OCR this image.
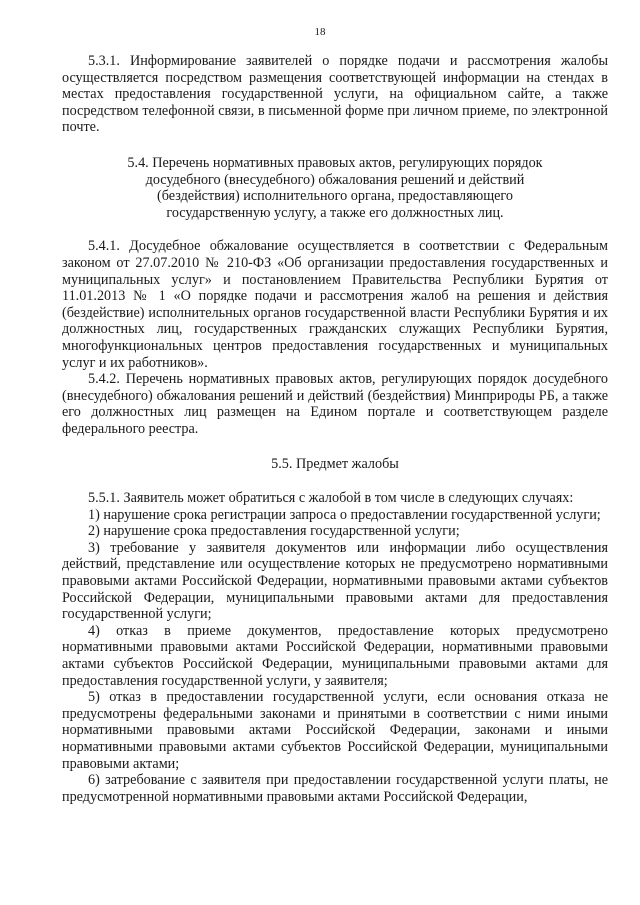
18

5.3.1. Информирование заявителей о порядке подачи и рассмотрения жалобы осуществляется посредством размещения соответствующей информации на стендах в местах предоставления государственной услуги, на официальном сайте, а также посредством телефонной связи, в письменной форме при личном приеме, по электронной почте.

5.4. Перечень нормативных правовых актов, регулирующих порядок досудебного (внесудебного) обжалования решений и действий (бездействия) исполнительного органа, предоставляющего государственную услугу, а также его должностных лиц.

5.4.1. Досудебное обжалование осуществляется в соответствии с Федеральным законом от 27.07.2010 № 210-ФЗ «Об организации предоставления государственных и муниципальных услуг» и постановлением Правительства Республики Бурятия от 11.01.2013 № 1 «О порядке подачи и рассмотрения жалоб на решения и действия (бездействие) исполнительных органов государственной власти Республики Бурятия и их должностных лиц, государственных гражданских служащих Республики Бурятия, многофункциональных центров предоставления государственных и муниципальных услуг и их работников».

5.4.2. Перечень нормативных правовых актов, регулирующих порядок досудебного (внесудебного) обжалования решений и действий (бездействия) Минприроды РБ, а также его должностных лиц размещен на Едином портале и соответствующем разделе федерального реестра.

5.5. Предмет жалобы

5.5.1. Заявитель может обратиться с жалобой в том числе в следующих случаях:

1) нарушение срока регистрации запроса о предоставлении государственной услуги;

2) нарушение срока предоставления государственной услуги;

3) требование у заявителя документов или информации либо осуществления действий, представление или осуществление которых не предусмотрено нормативными правовыми актами Российской Федерации, нормативными правовыми актами субъектов Российской Федерации, муниципальными правовыми актами для предоставления государственной услуги;

4) отказ в приеме документов, предоставление которых предусмотрено нормативными правовыми актами Российской Федерации, нормативными правовыми актами субъектов Российской Федерации, муниципальными правовыми актами для предоставления государственной услуги, у заявителя;

5) отказ в предоставлении государственной услуги, если основания отказа не предусмотрены федеральными законами и принятыми в соответствии с ними иными нормативными правовыми актами Российской Федерации, законами и иными нормативными правовыми актами субъектов Российской Федерации, муниципальными правовыми актами;

6) затребование с заявителя при предоставлении государственной услуги платы, не предусмотренной нормативными правовыми актами Российской Федерации,
